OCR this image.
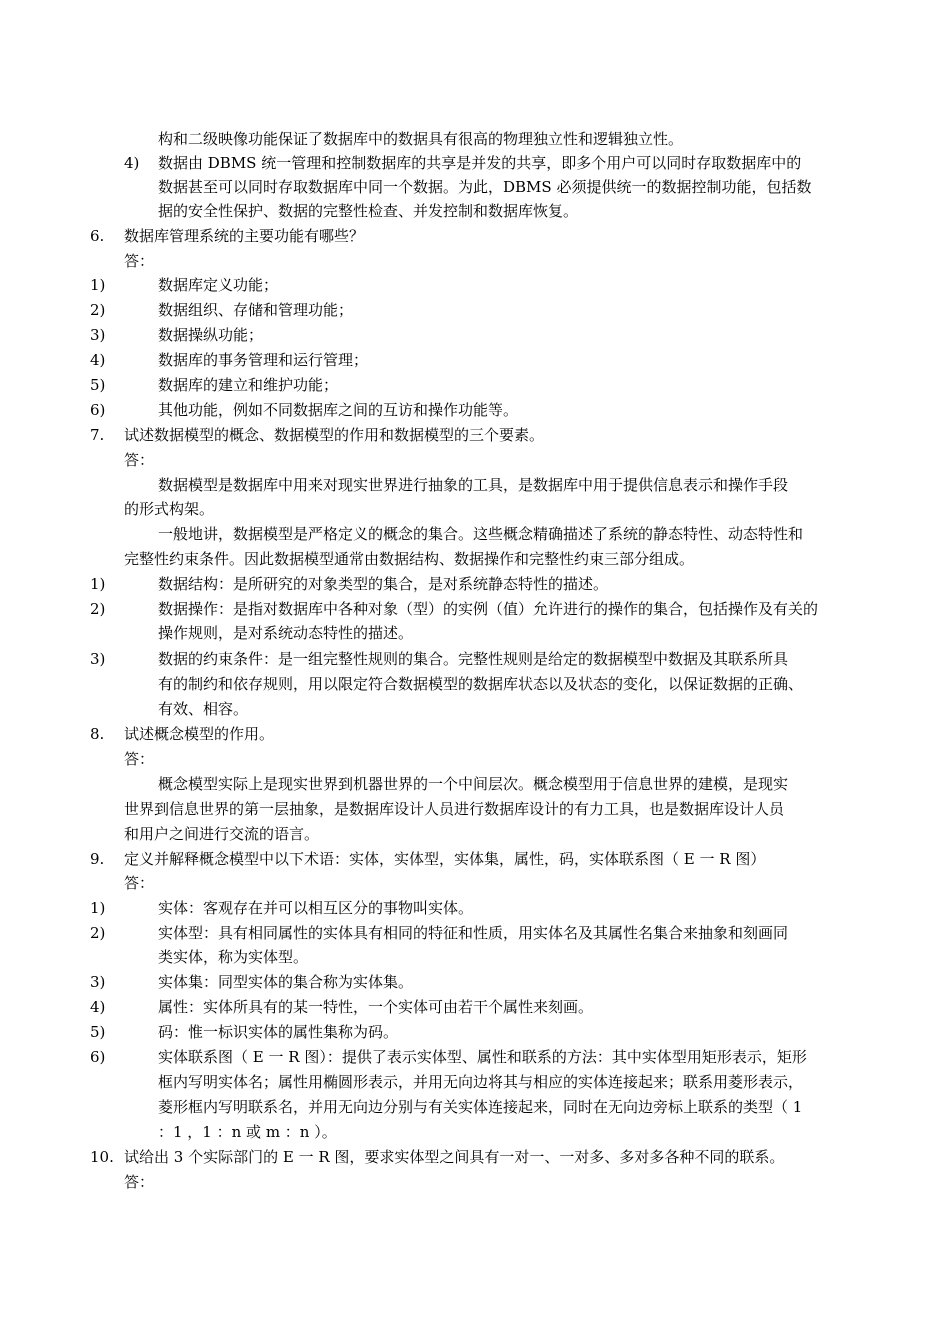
构和二级映像功能保证了数据库中的数据具有很高的物理独立性和逻辑独立性。
4) 数据由 DBMS 统一管理和控制数据库的共享是并发的共享，即多个用户可以同时存取数据库中的
数据甚至可以同时存取数据库中同一个数据。为此，DBMS 必须提供统一的数据控制功能，包括数
据的安全性保护、数据的完整性检查、并发控制和数据库恢复。
6. 数据库管理系统的主要功能有哪些？
答：
1)	数据库定义功能；
2)	数据组织、存储和管理功能；
3)	数据操纵功能；
4)	数据库的事务管理和运行管理；
5)	数据库的建立和维护功能；
6)	其他功能，例如不同数据库之间的互访和操作功能等。
7. 试述数据模型的概念、数据模型的作用和数据模型的三个要素。
答：
数据模型是数据库中用来对现实世界进行抽象的工具，是数据库中用于提供信息表示和操作手段
的形式构架。
一般地讲，数据模型是严格定义的概念的集合。这些概念精确描述了系统的静态特性、动态特性和
完整性约束条件。因此数据模型通常由数据结构、数据操作和完整性约束三部分组成。
1)	数据结构：是所研究的对象类型的集合，是对系统静态特性的描述。
2)	数据操作：是指对数据库中各种对象（型）的实例（值）允许进行的操作的集合，包括操作及有关的
操作规则，是对系统动态特性的描述。
3)	数据的约束条件：是一组完整性规则的集合。完整性规则是给定的数据模型中数据及其联系所具
有的制约和依存规则，用以限定符合数据模型的数据库状态以及状态的变化，以保证数据的正确、
有效、相容。
8. 试述概念模型的作用。
答：
概念模型实际上是现实世界到机器世界的一个中间层次。概念模型用于信息世界的建模，是现实
世界到信息世界的第一层抽象，是数据库设计人员进行数据库设计的有力工具，也是数据库设计人员
和用户之间进行交流的语言。
9. 定义并解释概念模型中以下术语：实体，实体型，实体集，属性，码，实体联系图（ E 一 R 图）
答：
1)	实体：客观存在并可以相互区分的事物叫实体。
2)	实体型：具有相同属性的实体具有相同的特征和性质，用实体名及其属性名集合来抽象和刻画同
类实体，称为实体型。
3)	实体集：同型实体的集合称为实体集。
4)	属性：实体所具有的某一特性，一个实体可由若干个属性来刻画。
5)	码：惟一标识实体的属性集称为码。
6)	实体联系图（ E 一 R 图）：提供了表示实体型、属性和联系的方法：其中实体型用矩形表示，矩形
框内写明实体名；属性用椭圆形表示，并用无向边将其与相应的实体连接起来；联系用菱形表示，
菱形框内写明联系名，并用无向边分别与有关实体连接起来，同时在无向边旁标上联系的类型（ 1
：1 ，1 ：n 或 m ：n ）。
10. 试给出 3 个实际部门的 E 一 R 图，要求实体型之间具有一对一、一对多、多对多各种不同的联系。
答：
